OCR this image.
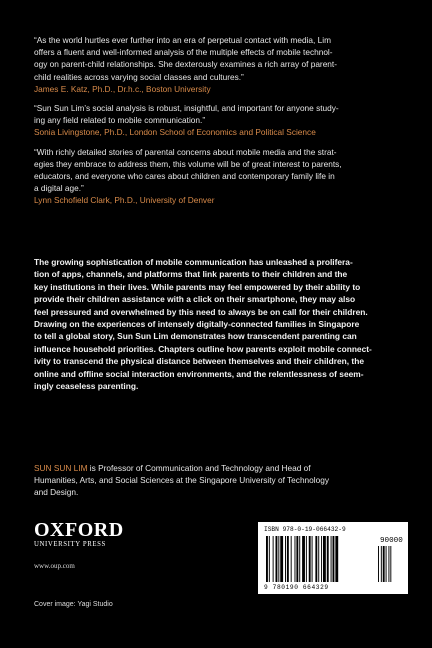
“As the world hurtles ever further into an era of perpetual contact with media, Lim
offers a fluent and well-informed analysis of the multiple effects of mobile technol-
ogy on parent-child relationships. She dexterously examines a rich array of parent-
child realities across varying social classes and cultures.”
James E. Katz, Ph.D., Dr.h.c., Boston University
“Sun Sun Lim’s social analysis is robust, insightful, and important for anyone study-
ing any field related to mobile communication.”
Sonia Livingstone, Ph.D., London School of Economics and Political Science
“With richly detailed stories of parental concerns about mobile media and the strat-
egies they embrace to address them, this volume will be of great interest to parents,
educators, and everyone who cares about children and contemporary family life in
a digital age.”
Lynn Schofield Clark, Ph.D., University of Denver
The growing sophistication of mobile communication has unleashed a prolifera-
tion of apps, channels, and platforms that link parents to their children and the
key institutions in their lives. While parents may feel empowered by their ability to
provide their children assistance with a click on their smartphone, they may also
feel pressured and overwhelmed by this need to always be on call for their children.
Drawing on the experiences of intensely digitally-connected families in Singapore
to tell a global story, Sun Sun Lim demonstrates how transcendent parenting can
influence household priorities. Chapters outline how parents exploit mobile connect-
ivity to transcend the physical distance between themselves and their children, the
online and offline social interaction environments, and the relentlessness of seem-
ingly ceaseless parenting.
SUN SUN LIM is Professor of Communication and Technology and Head of
Humanities, Arts, and Social Sciences at the Singapore University of Technology
and Design.
OXFORD
UNIVERSITY PRESS
www.oup.com
Cover image: Yagi Studio
ISBN 978-0-19-066432-9
90000
9 780190 664329
